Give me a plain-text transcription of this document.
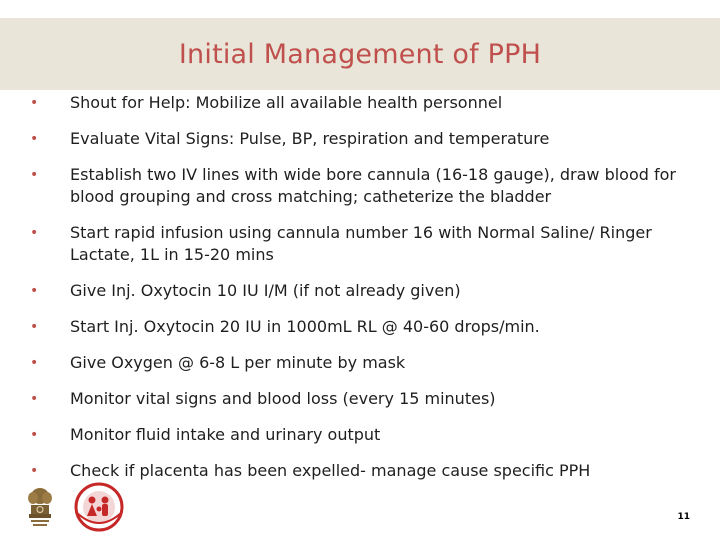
Initial Management of PPH
•	Shout for Help: Mobilize all available health personnel
•	Evaluate Vital Signs: Pulse, BP, respiration and temperature
•	Establish two IV lines with wide bore cannula (16-18 gauge), draw blood for blood grouping and cross matching; catheterize the bladder
•	Start rapid infusion using cannula number 16 with Normal Saline/ Ringer Lactate, 1L in 15-20 mins
•	Give Inj. Oxytocin 10 IU I/M (if not already given)
•	Start Inj. Oxytocin 20 IU in 1000mL RL @ 40-60 drops/min.
•	Give Oxygen @ 6-8 L per minute by mask
•	Monitor vital signs and blood loss (every 15 minutes)
•	Monitor fluid intake and urinary output
•	Check if placenta has been expelled- manage cause specific PPH
11
